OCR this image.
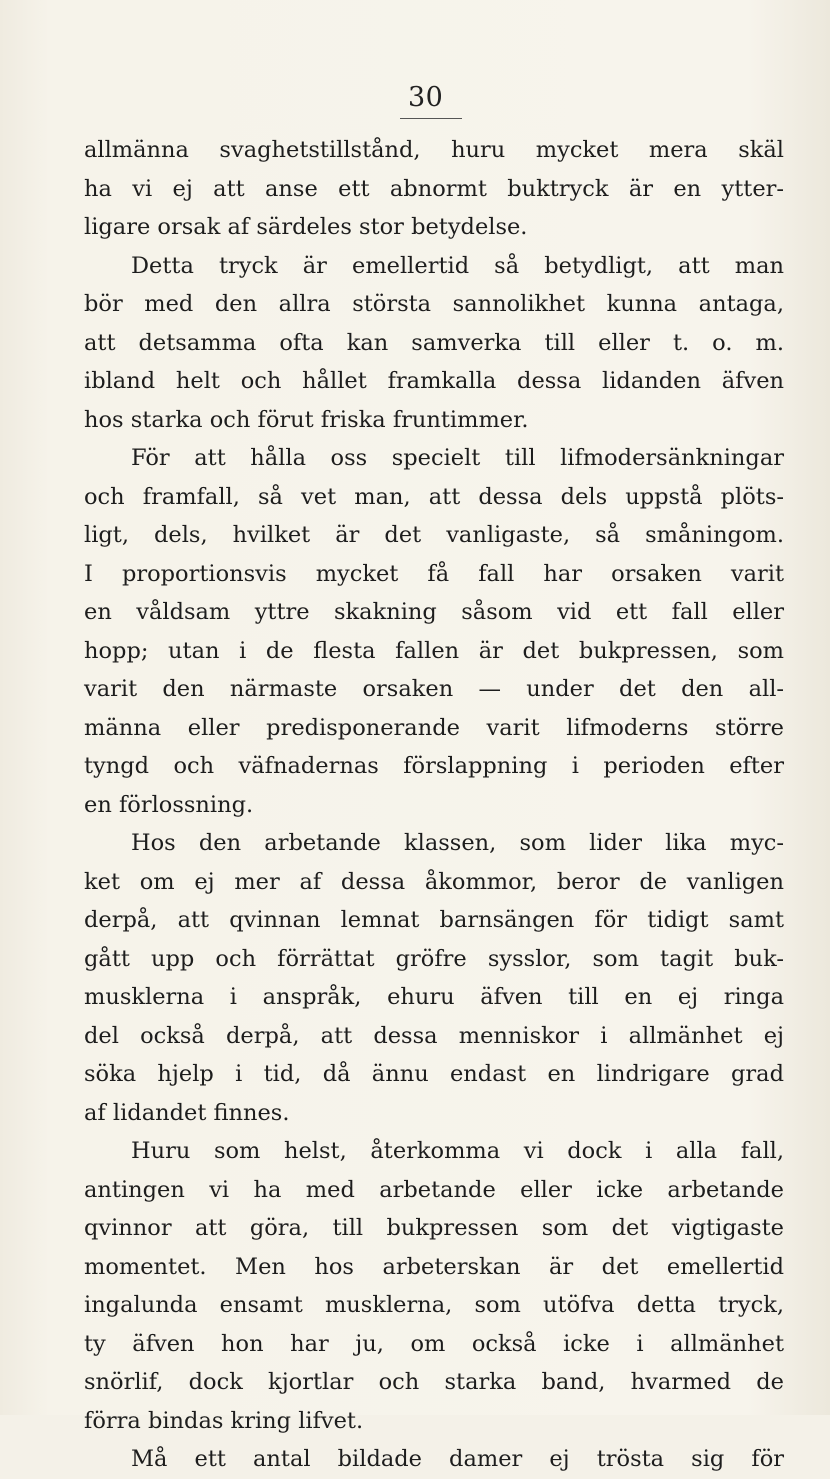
30
allmänna svaghetstillstånd, huru mycket mera skäl
ha vi ej att anse ett abnormt buktryck är en ytter-
ligare orsak af särdeles stor betydelse.
Detta tryck är emellertid så betydligt, att man
bör med den allra största sannolikhet kunna antaga,
att detsamma ofta kan samverka till eller t. o. m.
ibland helt och hållet framkalla dessa lidanden äfven
hos starka och förut friska fruntimmer.
För att hålla oss specielt till lifmodersänkningar
och framfall, så vet man, att dessa dels uppstå plöts-
ligt, dels, hvilket är det vanligaste, så småningom.
I proportionsvis mycket få fall har orsaken varit
en våldsam yttre skakning såsom vid ett fall eller
hopp; utan i de flesta fallen är det bukpressen, som
varit den närmaste orsaken — under det den all-
männa eller predisponerande varit lifmoderns större
tyngd och väfnadernas förslappning i perioden efter
en förlossning.
Hos den arbetande klassen, som lider lika myc-
ket om ej mer af dessa åkommor, beror de vanligen
derpå, att qvinnan lemnat barnsängen för tidigt samt
gått upp och förrättat gröfre sysslor, som tagit buk-
musklerna i anspråk, ehuru äfven till en ej ringa
del också derpå, att dessa menniskor i allmänhet ej
söka hjelp i tid, då ännu endast en lindrigare grad
af lidandet finnes.
Huru som helst, återkomma vi dock i alla fall,
antingen vi ha med arbetande eller icke arbetande
qvinnor att göra, till bukpressen som det vigtigaste
momentet. Men hos arbeterskan är det emellertid
ingalunda ensamt musklerna, som utöfva detta tryck,
ty äfven hon har ju, om också icke i allmänhet
snörlif, dock kjortlar och starka band, hvarmed de
förra bindas kring lifvet.
Må ett antal bildade damer ej trösta sig för
